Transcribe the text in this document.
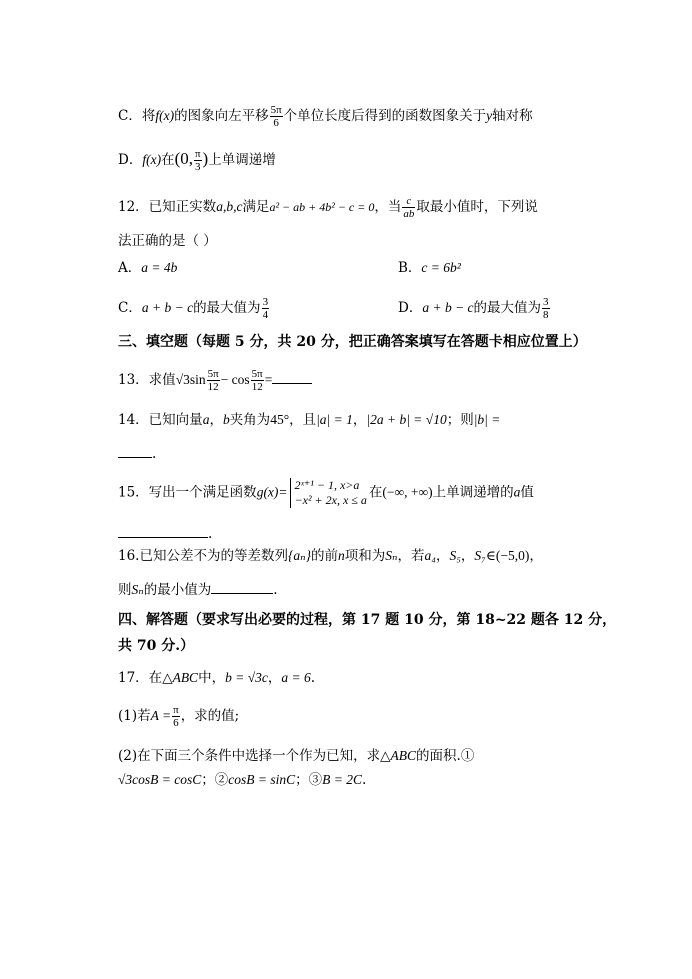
C．将f(x)的图象向左平移 $\frac{5\pi}{6}$ 个单位长度后得到的函数图象关于y轴对称
D．f(x)在(0, $\frac{\pi}{3}$ )上单调递增
12．已知正实数a,b,c满足a² − ab + 4b² − c = 0，当 $\frac{c}{ab}$ 取最小值时，下列说
法正确的是（ ）
A．a = 4b	B．c = 6b²
C．a + b − c的最大值为 $\frac{3}{4}$	D．a + b − c的最大值为 $\frac{3}{8}$
三、填空题（每题 5 分，共 20 分，把正确答案填写在答题卡相应位置上）
13．求值$√3\sin \frac{5\pi}{12} - \cos \frac{5\pi}{12}$ =
14．已知向量a，b夹角为45°，且|a| = 1，|2a + b| = √10；则|b| =
.
15．写出一个满足函数g(x)= 2ˣ⁺¹ − 1, x>a
−x² + 2x, x ≤ a 在(−∞, +∞)上单调递增的a值
.
16.已知公差不为的等差数列{aₙ}的前n项和为Sₙ，若a₄，S₅，S₇∈(−5,0)，
则Sₙ的最小值为	.
四、解答题（要求写出必要的过程，第 17 题 10 分，第 18~22 题各 12 分，
共 70 分.）
17．在△ABC中，b = √3c，a = 6.
(1)若$A = \frac{\pi}{6}$ ，求的值;
(2)在下面三个条件中选择一个作为已知，求△ABC的面积.①
√3cosB = cosC；②cosB = sinC；③B = 2C.
